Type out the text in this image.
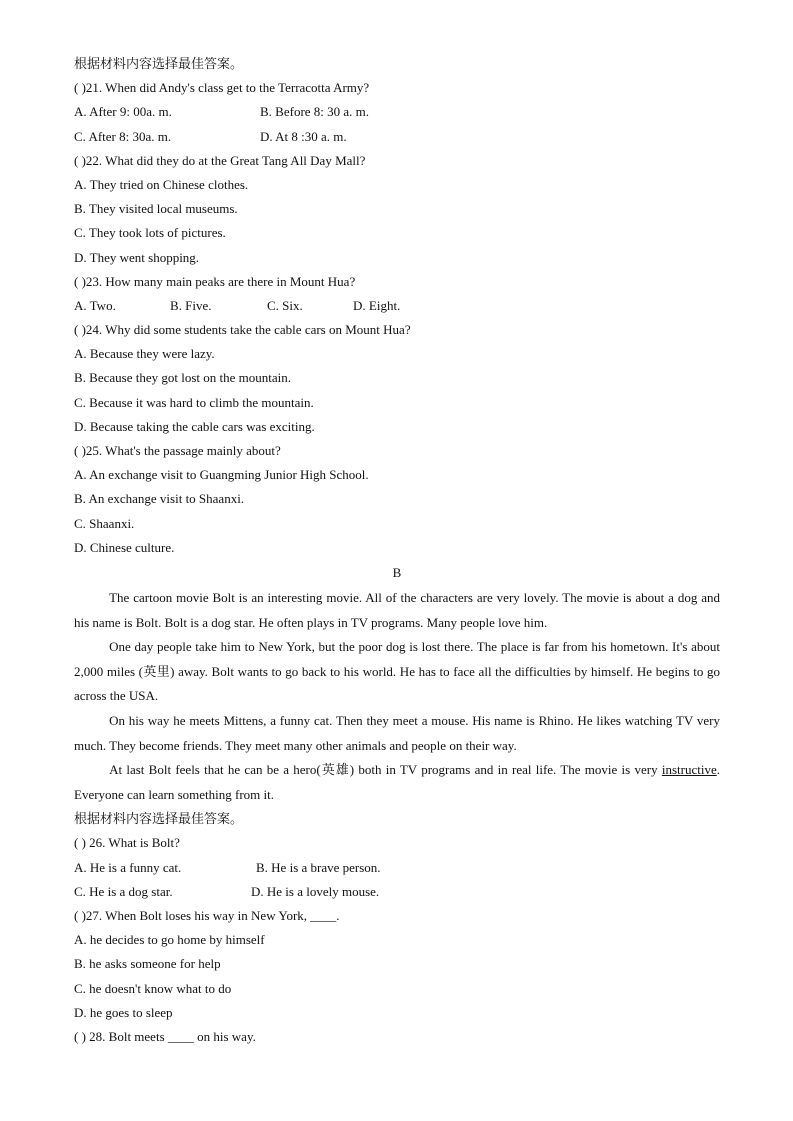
根据材料内容选择最佳答案。
( )21. When did Andy's class get to the Terracotta Army?
A. After 9: 00a. m.	B. Before 8: 30 a. m.
C. After 8: 30a. m.	D. At 8 :30 a. m.
( )22. What did they do at the Great Tang All Day Mall?
A. They tried on Chinese clothes.
B. They visited local museums.
C. They took lots of pictures.
D. They went shopping.
( )23. How many main peaks are there in Mount Hua?
A. Two.	B. Five.	C. Six.	D. Eight.
( )24. Why did some students take the cable cars on Mount Hua?
A. Because they were lazy.
B. Because they got lost on the mountain.
C. Because it was hard to climb the mountain.
D. Because taking the cable cars was exciting.
( )25. What's the passage mainly about?
A. An exchange visit to Guangming Junior High School.
B. An exchange visit to Shaanxi.
C. Shaanxi.
D. Chinese culture.
B

The cartoon movie Bolt is an interesting movie. All of the characters are very lovely. The movie is about a dog and his name is Bolt. Bolt is a dog star. He often plays in TV programs. Many people love him.

One day people take him to New York, but the poor dog is lost there. The place is far from his hometown. It's about 2,000 miles (英里) away. Bolt wants to go back to his world. He has to face all the difficulties by himself. He begins to go across the USA.

On his way he meets Mittens, a funny cat. Then they meet a mouse. His name is Rhino. He likes watching TV very much. They become friends. They meet many other animals and people on their way.

At last Bolt feels that he can be a hero(英雄) both in TV programs and in real life. The movie is very instructive. Everyone can learn something from it.

根据材料内容选择最佳答案。
( ) 26. What is Bolt?
A. He is a funny cat.	B. He is a brave person.
C. He is a dog star.	D. He is a lovely mouse.
( )27. When Bolt loses his way in New York, ____.
A. he decides to go home by himself
B. he asks someone for help
C. he doesn't know what to do
D. he goes to sleep
( ) 28. Bolt meets ____ on his way.
